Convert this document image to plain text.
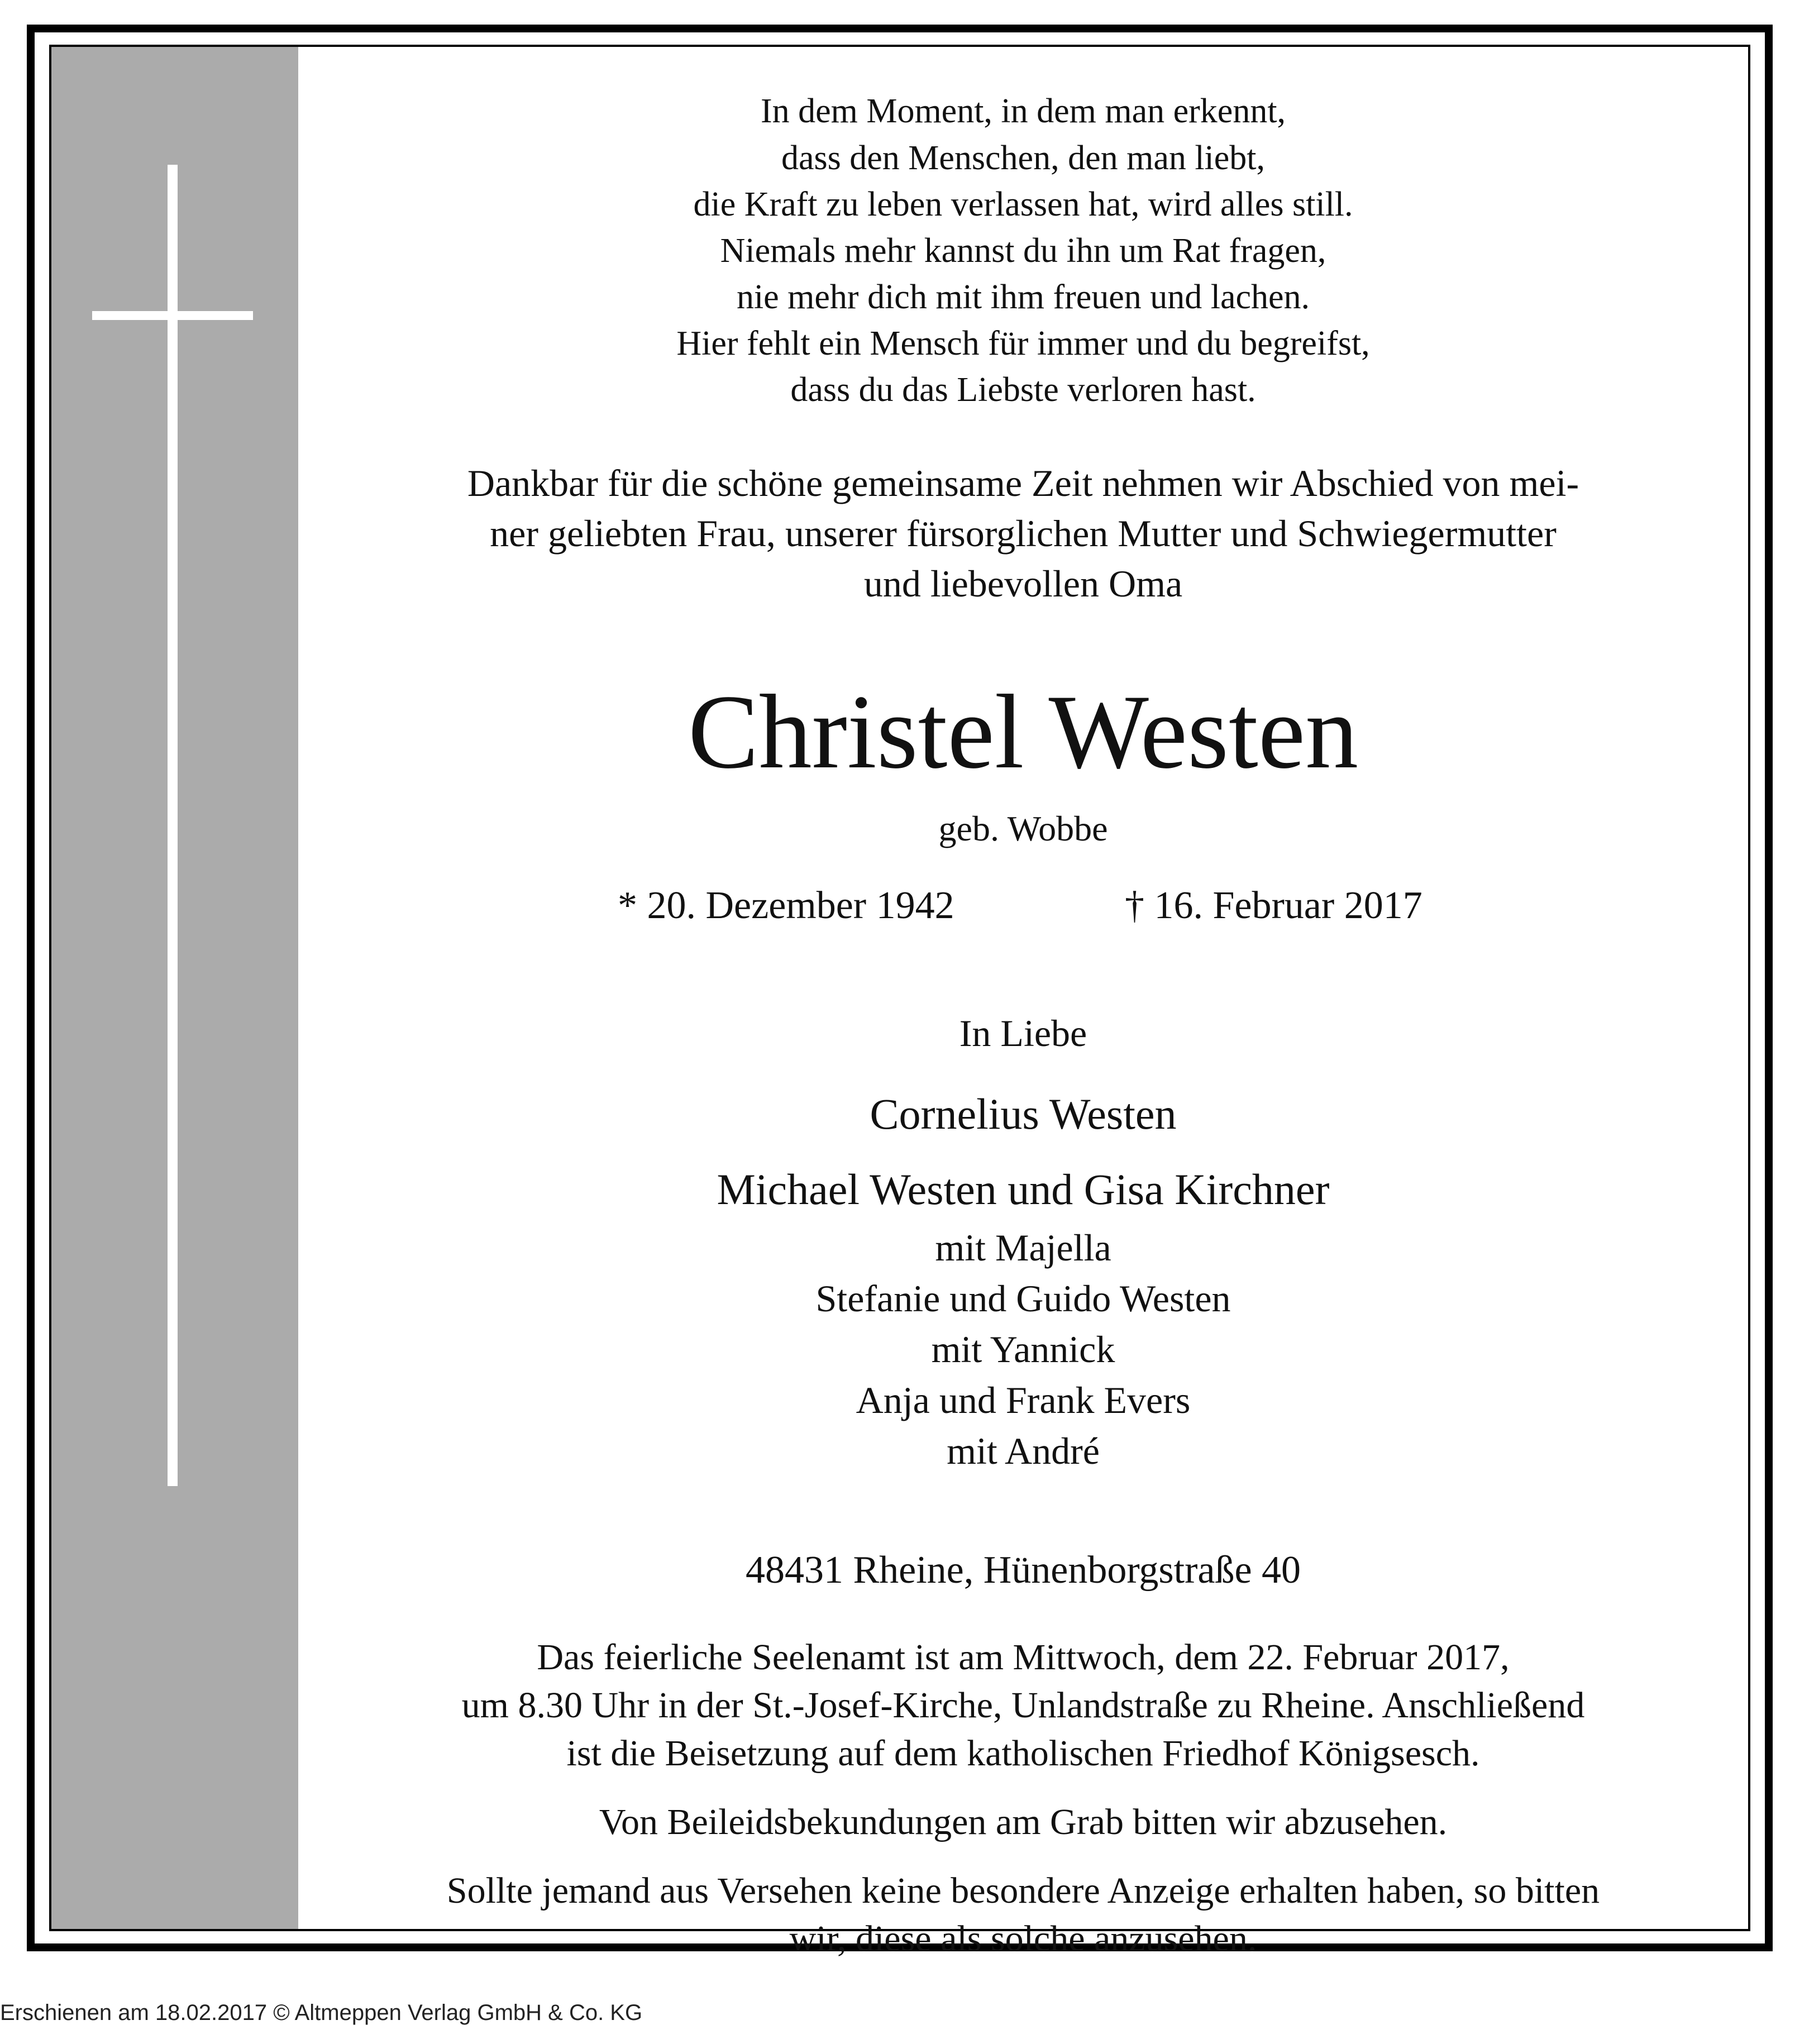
In dem Moment, in dem man erkennt,
dass den Menschen, den man liebt,
die Kraft zu leben verlassen hat, wird alles still.
Niemals mehr kannst du ihn um Rat fragen,
nie mehr dich mit ihm freuen und lachen.
Hier fehlt ein Mensch für immer und du begreifst,
dass du das Liebste verloren hast.
Dankbar für die schöne gemeinsame Zeit nehmen wir Abschied von mei-
ner geliebten Frau, unserer fürsorglichen Mutter und Schwiegermutter
und liebevollen Oma
Christel Westen
geb. Wobbe
* 20. Dezember 1942	† 16. Februar 2017
In Liebe
Cornelius Westen
Michael Westen und Gisa Kirchner
mit Majella
Stefanie und Guido Westen
mit Yannick
Anja und Frank Evers
mit André
48431 Rheine, Hünenborgstraße 40
Das feierliche Seelenamt ist am Mittwoch, dem 22. Februar 2017,
um 8.30 Uhr in der St.-Josef-Kirche, Unlandstraße zu Rheine. Anschließend
ist die Beisetzung auf dem katholischen Friedhof Königsesch.
Von Beileidsbekundungen am Grab bitten wir abzusehen.
Sollte jemand aus Versehen keine besondere Anzeige erhalten haben, so bitten
wir, diese als solche anzusehen.
Erschienen am 18.02.2017 © Altmeppen Verlag GmbH & Co. KG
